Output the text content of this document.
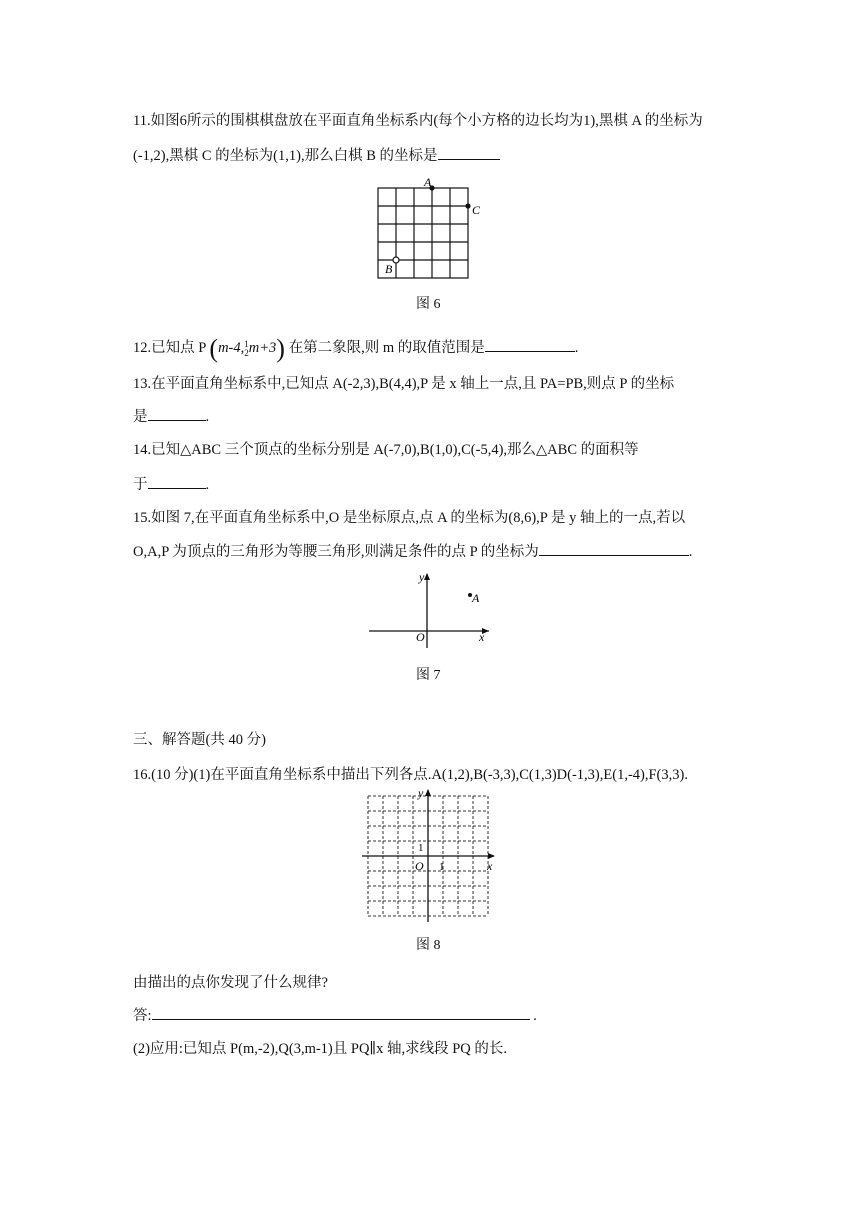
11.如图6所示的围棋棋盘放在平面直角坐标系内(每个小方格的边长均为1),黑棋 A 的坐标为
(-1,2),黑棋 C 的坐标为(1,1),那么白棋 B 的坐标是
A
C
B
图 6
12.已知点 P (m-4, 1
2 m+3) 在第二象限,则 m 的取值范围是	.
13.在平面直角坐标系中,已知点 A(-2,3),B(4,4),P 是 x 轴上一点,且 PA=PB,则点 P 的坐标
是	.
14.已知△ABC 三个顶点的坐标分别是 A(-7,0),B(1,0),C(-5,4),那么△ABC 的面积等
于	.
15.如图 7,在平面直角坐标系中,O 是坐标原点,点 A 的坐标为(8,6),P 是 y 轴上的一点,若以
O,A,P 为顶点的三角形为等腰三角形,则满足条件的点 P 的坐标为	.
y
x
O
A
图 7
三、解答题(共 40 分)
16.(10 分)(1)在平面直角坐标系中描出下列各点.A(1,2),B(-3,3),C(1,3)D(-1,3),E(1,-4),F(3,3).
y
x
O 1
1
图 8
由描出的点你发现了什么规律?
答:	.
(2)应用:已知点 P(m,-2),Q(3,m-1)且 PQ∥x 轴,求线段 PQ 的长.
